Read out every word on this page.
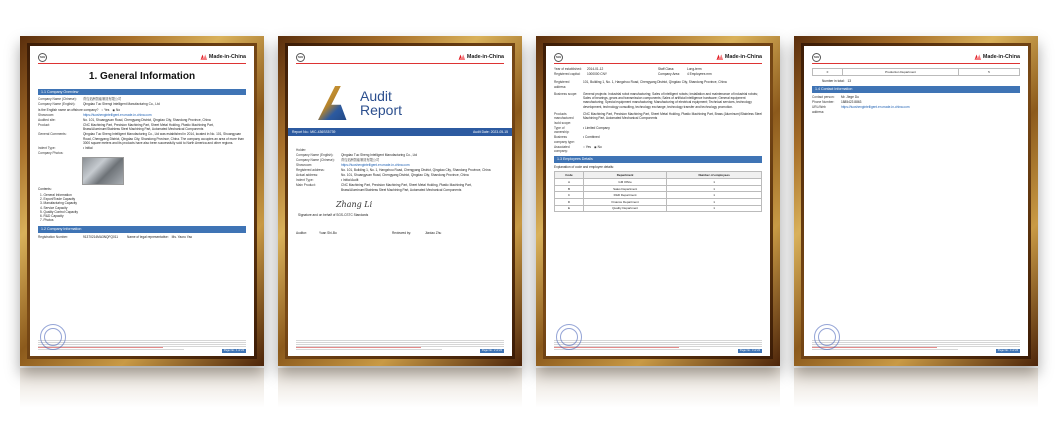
SGS	Made-in-China
1. General Information
1.1 Company Overview
Company Name (Chinese):	青岛拓洲智能制造有限公司
Company Name (English):	Qingdao Tuo Shengi Intelligent Manufacturing Co., Ltd
Is the English name an offshore company? ○ Yes ◉ No
Showroom:	https://tuoshengintelligent.en.made-in-china.com
Audited site:	No. 101, Shuangyuan Road, Chengyang District, Qingdao City, Shandong Province, China
Product:	CNC Machining Part, Precision Machining Part, Sheet Metal Holding, Plastic Machining Part, Brass/Aluminum/Stainless Steel Machining Part, Automated Mechanical Components
General Comments:	Qingdao Tuo Sheng Intelligent Manufacturing Co., Ltd was established in 2014, located in No. 101, Shuangyuan Road, Chengyang District, Qingdao City, Shandong Province, China. The company occupies an area of more than 3000 square meters and its products have also been successfully sold to North America and other regions.
Indent Type:	• Initial
Company Photos:
Contents:
1. General Information
2. Export/Trade Capacity
3. Manufacturing Capacity
4. Service Capacity
5. Quality Control Capacity
6. R&D Capacity
7. Photos
1.2 Company Information
Registration Number:	91370214MA3NQFQ011	Name of legal representative: Ms. Yaoru Yao
Page No.: 1 of 24
SGS	Made-in-China
Audit
Report
Report No.: MIC-436SS5739	Audit Date: 2023-05-15
Holder:
Company Name (English):	Qingdao Tuo Sheng Intelligent Manufacturing Co., Ltd
Company Name (Chinese):	青岛拓洲智能制造有限公司
Showroom:	https://tuoshengintelligent.en.made-in-china.com
Registered address:	No. 101, Building 1, No. 1, Hangzhou Road, Chengyang District, Qingdao City, Shandong Province, China
Actual address:	No. 101, Shuangyuan Road, Chengyang District, Qingdao City, Shandong Province, China
Indent Type:	• Initial Audit
Main Product:	CNC Machining Part, Precision Machining Part, Sheet Metal Holding, Plastic Machining Part, Brass/Aluminum/Stainless Steel Machining Part, Automated Mechanical Components
Zhang Li
Signature and on behalf of SGS-CSTC Standards
Auditor:	Yuan Shi-Bo	Reviewed by:	Jiaxiao Zhu
Page No.: 2 of 24
SGS	Made-in-China
Year of established:	2014-01-12
Registered capital:	1000000 CNY
Staff Class:	Long-term
Company Area:	4 Employees mm
Registered address:
101, Building 1, No. 1, Hangzhou Road, Chengyang District, Qingdao City, Shandong Province, China
Business scope:	General projects: Industrial robot manufacturing; Sales of intelligent robots; Installation and maintenance of industrial robots; Sales of bearings, gears and transmission components; Sales of artificial intelligence hardware; General equipment manufacturing; Special equipment manufacturing; Manufacturing of electrical equipment; Technical services, technology development, technology consulting, technology exchange, technology transfer and technology promotion.
Products manufactured /sold scope:
CNC Machining Part, Precision Machining Part, Sheet Metal Holding, Plastic Machining Part, Brass (Aluminum)/Stainless Steel Machining Part, Automated Mechanical Components
Type of ownership:
• Limited Company
Business company type:
• Combined
Associated company:
○ Yes ◉ No
1.3 Employees Details
Explanation of code and employee details:
Code	Department	Number of employees
A	GM Office	1
B	Sales Department	1
C	R&D Department	1
D	Finance Department	1
E	Quality Department	1
Page No.: 3 of 24
SGS	Made-in-China
F	Production Department	5
Number in total: 13
1.4 Contact Information
Contact person:	Mr. Jiege Du
Phone Number:	1885423 8863
URL/Web address:
https://tuoshengintelligent.en.made-in-china.com
Page No.: 4 of 24
